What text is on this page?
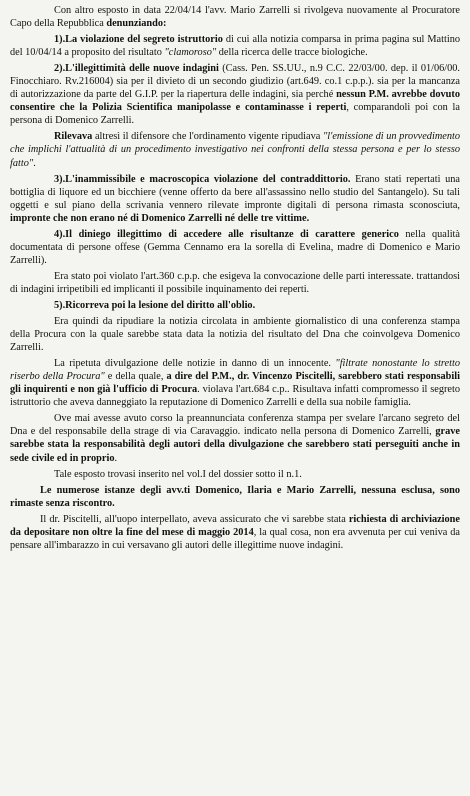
Con altro esposto in data 22/04/14 l'avv. Mario Zarrelli si rivolgeva nuovamente al Procuratore Capo della Repubblica denunziando:

1).La violazione del segreto istruttorio di cui alla notizia comparsa in prima pagina sul Mattino del 10/04/14 a proposito del risultato "clamoroso" della ricerca delle tracce biologiche.

2).L'illegittimità delle nuove indagini (Cass. Pen. SS.UU., n.9 C.C. 22/03/00. dep. il 01/06/00. Finocchiaro. Rv.216004) sia per il divieto di un secondo giudizio (art.649. co.1 c.p.p.). sia per la mancanza di autorizzazione da parte del G.I.P. per la riapertura delle indagini, sia perché nessun P.M. avrebbe dovuto consentire che la Polizia Scientifica manipolasse e contaminasse i reperti, comparandoli poi con la persona di Domenico Zarrelli.

Rilevava altresì il difensore che l'ordinamento vigente ripudiava "l'emissione di un provvedimento che implichi l'attualità di un procedimento investigativo nei confronti della stessa persona e per lo stesso fatto".

3).L'inammissibile e macroscopica violazione del contraddittorio. Erano stati repertati una bottiglia di liquore ed un bicchiere (venne offerto da bere all'assassino nello studio del Santangelo). Su tali oggetti e sul piano della scrivania vennero rilevate impronte digitali di persona rimasta sconosciuta, impronte che non erano né di Domenico Zarrelli né delle tre vittime.

4).Il diniego illegittimo di accedere alle risultanze di carattere generico nella qualità documentata di persone offese (Gemma Cennamo era la sorella di Evelina, madre di Domenico e Mario Zarrelli).

Era stato poi violato l'art.360 c.p.p. che esigeva la convocazione delle parti interessate. trattandosi di indagini irripetibili ed implicanti il possibile inquinamento dei reperti.

5).Ricorreva poi la lesione del diritto all'oblio.

Era quindi da ripudiare la notizia circolata in ambiente giornalistico di una conferenza stampa della Procura con la quale sarebbe stata data la notizia del risultato del Dna che coinvolgeva Domenico Zarrelli.

La ripetuta divulgazione delle notizie in danno di un innocente. "filtrate nonostante lo stretto riserbo della Procura" e della quale, a dire del P.M., dr. Vincenzo Piscitelli, sarebbero stati responsabili gli inquirenti e non già l'ufficio di Procura. violava l'art.684 c.p.. Risultava infatti compromesso il segreto istruttorio che aveva danneggiato la reputazione di Domenico Zarrelli e della sua nobile famiglia.

Ove mai avesse avuto corso la preannunciata conferenza stampa per svelare l'arcano segreto del Dna e del responsabile della strage di via Caravaggio. indicato nella persona di Domenico Zarrelli, grave sarebbe stata la responsabilità degli autori della divulgazione che sarebbero stati perseguiti anche in sede civile ed in proprio.

Tale esposto trovasi inserito nel vol.I del dossier sotto il n.1.

Le numerose istanze degli avv.ti Domenico, Ilaria e Mario Zarrelli, nessuna esclusa, sono rimaste senza riscontro.

Il dr. Piscitelli, all'uopo interpellato, aveva assicurato che vi sarebbe stata richiesta di archiviazione da depositare non oltre la fine del mese di maggio 2014, la qual cosa, non era avvenuta per cui veniva da pensare all'imbarazzo in cui versavano gli autori delle illegittime nuove indagini.
